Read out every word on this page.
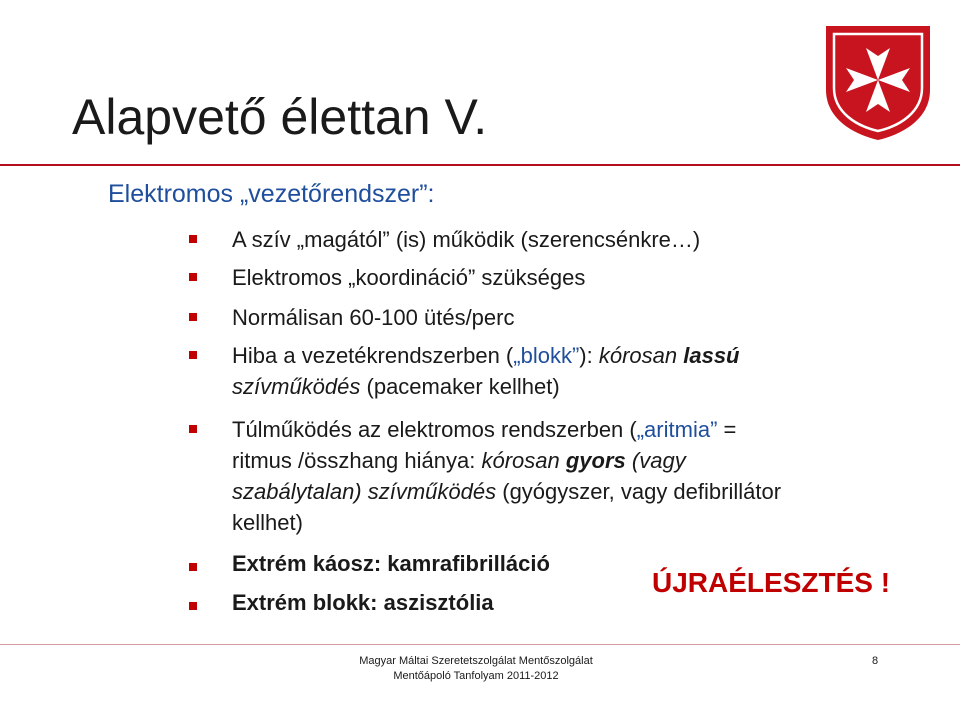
Alapvető élettan V.
Elektromos „vezetőrendszer”:
A szív „magától” (is) működik (szerencsénkre…)
Elektromos „koordináció” szükséges
Normálisan 60-100 ütés/perc
Hiba a vezetékrendszerben („blokk”): kórosan lassú
szívműködés (pacemaker kellhet)
Túlműködés az elektromos rendszerben („aritmia” =
ritmus /összhang hiánya: kórosan gyors (vagy
szabálytalan) szívműködés (gyógyszer, vagy defibrillátor
kellhet)
Extrém káosz: kamrafibrilláció
Extrém blokk: aszisztólia
ÚJRAÉLESZTÉS !
Magyar Máltai Szeretetszolgálat Mentőszolgálat
Mentőápoló Tanfolyam 2011-2012
8
